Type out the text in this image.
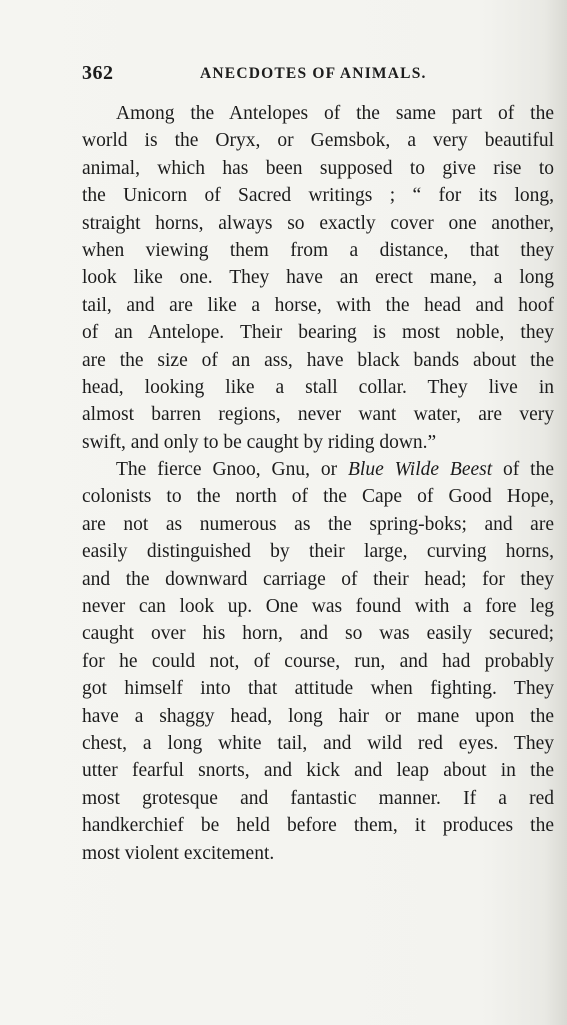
362	ANECDOTES OF ANIMALS.
Among the Antelopes of the same part of the
world is the Oryx, or Gemsbok, a very beautiful
animal, which has been supposed to give rise to
the Unicorn of Sacred writings ; “ for its long,
straight horns, always so exactly cover one another,
when viewing them from a distance, that they
look like one. They have an erect mane, a long
tail, and are like a horse, with the head and hoof
of an Antelope. Their bearing is most noble, they
are the size of an ass, have black bands about the
head, looking like a stall collar. They live in
almost barren regions, never want water, are very
swift, and only to be caught by riding down.”
The fierce Gnoo, Gnu, or Blue Wilde Beest of the
colonists to the north of the Cape of Good Hope,
are not as numerous as the spring-boks; and are
easily distinguished by their large, curving horns,
and the downward carriage of their head; for they
never can look up. One was found with a fore leg
caught over his horn, and so was easily secured;
for he could not, of course, run, and had probably
got himself into that attitude when fighting. They
have a shaggy head, long hair or mane upon the
chest, a long white tail, and wild red eyes. They
utter fearful snorts, and kick and leap about in the
most grotesque and fantastic manner. If a red
handkerchief be held before them, it produces the
most violent excitement.
